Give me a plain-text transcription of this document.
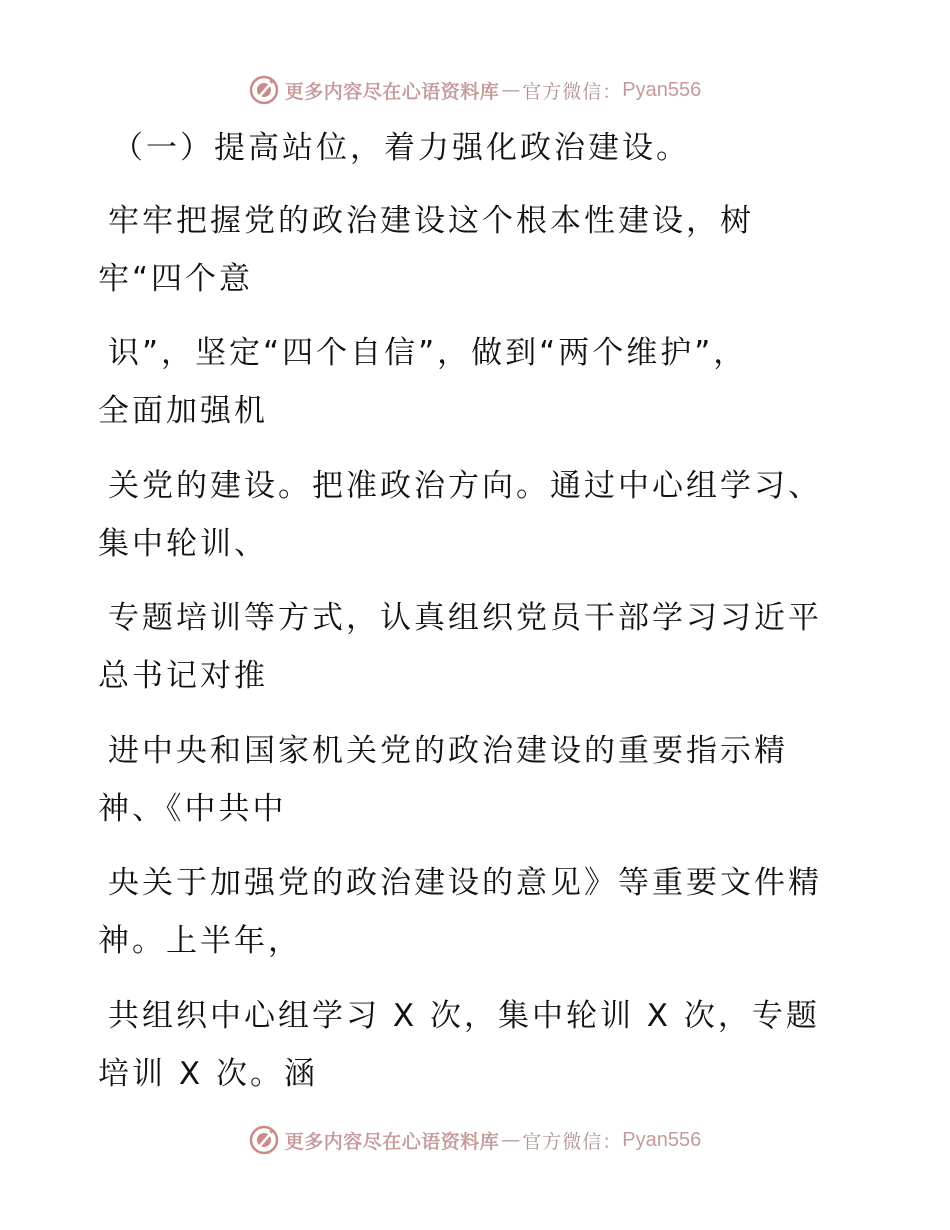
更多内容尽在心语资料库 — 官方微信： Pyan556
（一）提高站位，着力强化政治建设。
牢牢把握党的政治建设这个根本性建设，树
牢“四个意
识”，坚定“四个自信”，做到“两个维护”，
全面加强机
关党的建设。把准政治方向。通过中心组学习、
集中轮训、
专题培训等方式，认真组织党员干部学习习近平
总书记对推
进中央和国家机关党的政治建设的重要指示精
神、《中共中
央关于加强党的政治建设的意见》等重要文件精
神。上半年，
共组织中心组学习 X 次，集中轮训 X 次，专题
培训 X 次。涵
更多内容尽在心语资料库 — 官方微信： Pyan556
